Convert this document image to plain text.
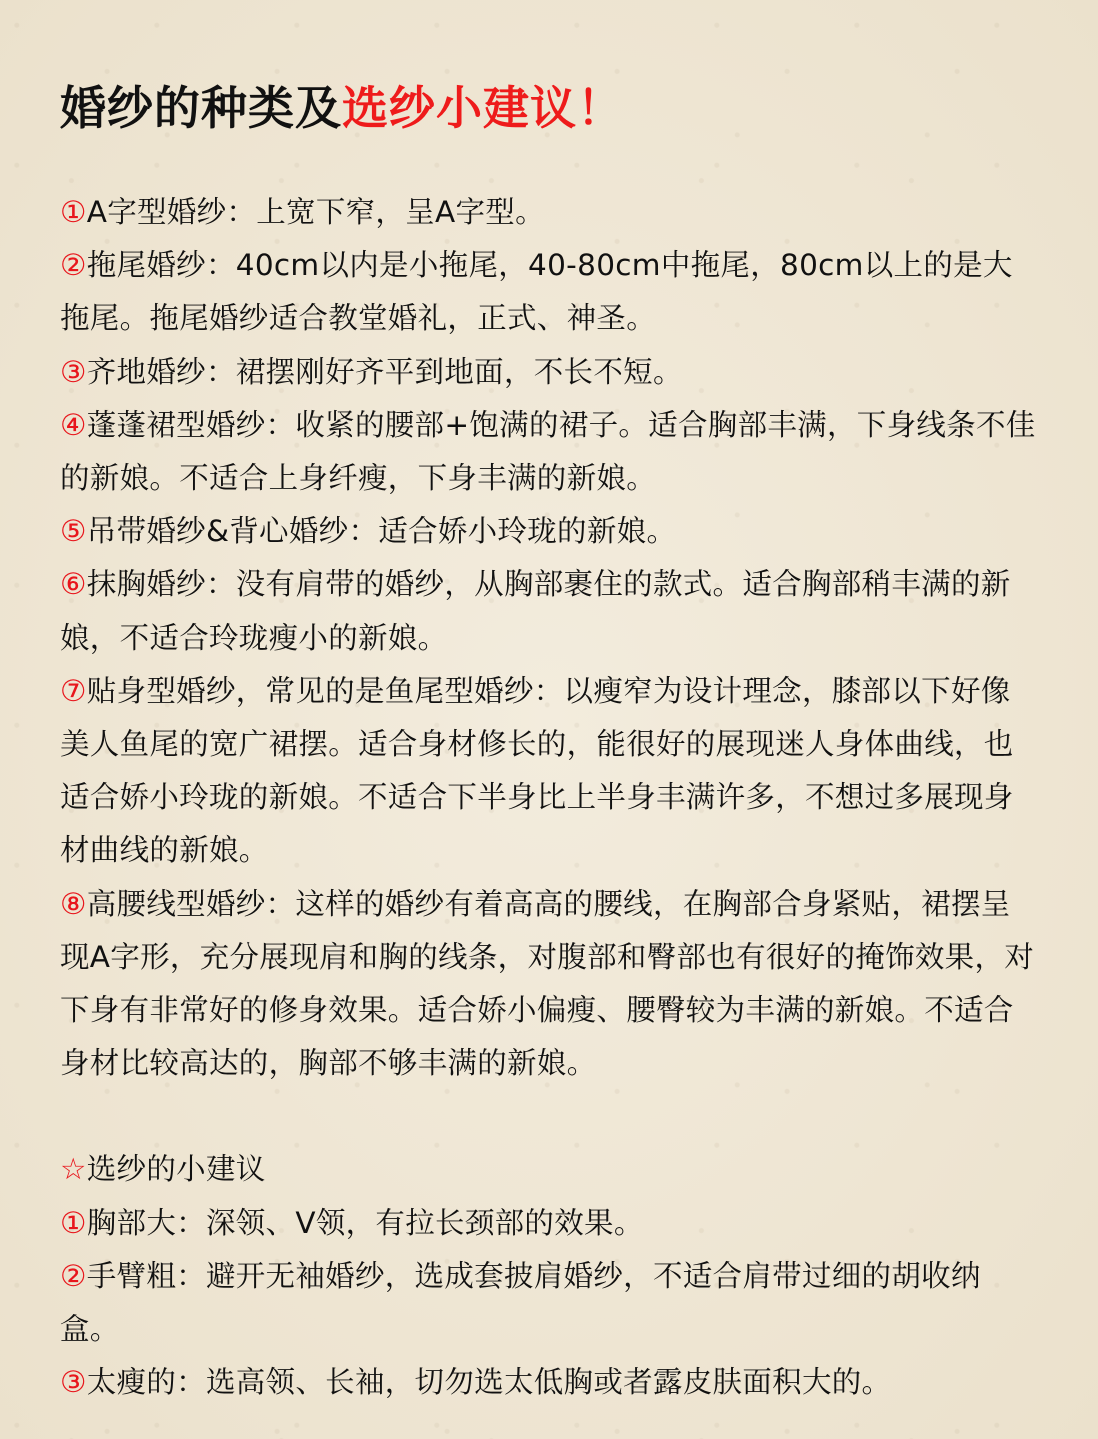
婚纱的种类及选纱小建议！

①A字型婚纱：上宽下窄，呈A字型。

②拖尾婚纱：40cm以内是小拖尾，40-80cm中拖尾，80cm以上的是大拖尾。拖尾婚纱适合教堂婚礼，正式、神圣。

③齐地婚纱：裙摆刚好齐平到地面，不长不短。

④蓬蓬裙型婚纱：收紧的腰部+饱满的裙子。适合胸部丰满，下身线条不佳的新娘。不适合上身纤瘦，下身丰满的新娘。

⑤吊带婚纱&背心婚纱：适合娇小玲珑的新娘。

⑥抹胸婚纱：没有肩带的婚纱，从胸部裹住的款式。适合胸部稍丰满的新娘，不适合玲珑瘦小的新娘。

⑦贴身型婚纱，常见的是鱼尾型婚纱：以瘦窄为设计理念，膝部以下好像美人鱼尾的宽广裙摆。适合身材修长的，能很好的展现迷人身体曲线，也适合娇小玲珑的新娘。不适合下半身比上半身丰满许多，不想过多展现身材曲线的新娘。

⑧高腰线型婚纱：这样的婚纱有着高高的腰线，在胸部合身紧贴，裙摆呈现A字形，充分展现肩和胸的线条，对腹部和臀部也有很好的掩饰效果，对下身有非常好的修身效果。适合娇小偏瘦、腰臀较为丰满的新娘。不适合身材比较高达的，胸部不够丰满的新娘。

☆选纱的小建议

①胸部大：深领、V领，有拉长颈部的效果。

②手臂粗：避开无袖婚纱，选成套披肩婚纱，不适合肩带过细的胡收纳盒。

③太瘦的：选高领、长袖，切勿选太低胸或者露皮肤面积大的。
